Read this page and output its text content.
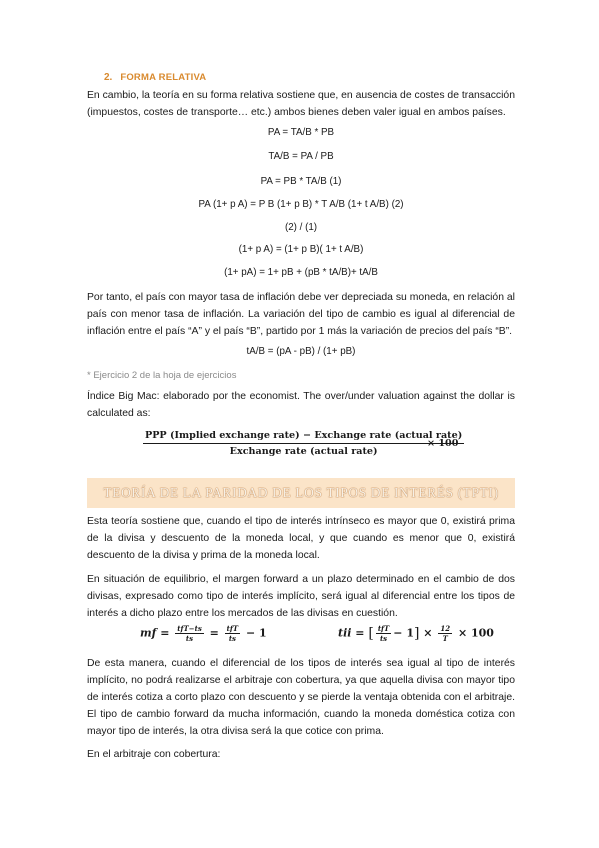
2. FORMA RELATIVA
En cambio, la teoría en su forma relativa sostiene que, en ausencia de costes de transacción (impuestos, costes de transporte… etc.) ambos bienes deben valer igual en ambos países.
PA = TA/B * PB
TA/B = PA / PB
PA = PB * TA/B (1)
PA (1+ p A) = P B (1+ p B) * T A/B (1+ t A/B) (2)
(2) / (1)
(1+ p A) = (1+ p B)( 1+ t A/B)
(1+ pA) = 1+ pB + (pB * tA/B)+ tA/B
Por tanto, el país con mayor tasa de inflación debe ver depreciada su moneda, en relación al país con menor tasa de inflación. La variación del tipo de cambio es igual al diferencial de inflación entre el país “A” y el país “B”, partido por 1 más la variación de precios del país “B”.
tA/B = (pA - pB) / (1+ pB)
* Ejercicio 2 de la hoja de ejercicios
Índice Big Mac: elaborado por the economist. The over/under valuation against the dollar is calculated as:
PPP (Implied exchange rate) − Exchange rate (actual rate)
Exchange rate (actual rate)
× 100
TEORÍA DE LA PARIDAD DE LOS TIPOS DE INTERÉS (TPTI)
Esta teoría sostiene que, cuando el tipo de interés intrínseco es mayor que 0, existirá prima de la divisa y descuento de la moneda local, y que cuando es menor que 0, existirá descuento de la divisa y prima de la moneda local.
En situación de equilibrio, el margen forward a un plazo determinado en el cambio de dos divisas, expresado como tipo de interés implícito, será igual al diferencial entre los tipos de interés a dicho plazo entre los mercados de las divisas en cuestión.
mf = tfT−ts
ts	= tfT
ts − 1	tii = [ tfT
ts − $1] \times \frac{12}{T} \times 100$
De esta manera, cuando el diferencial de los tipos de interés sea igual al tipo de interés implícito, no podrá realizarse el arbitraje con cobertura, ya que aquella divisa con mayor tipo de interés cotiza a corto plazo con descuento y se pierde la ventaja obtenida con el arbitraje. El tipo de cambio forward da mucha información, cuando la moneda doméstica cotiza con mayor tipo de interés, la otra divisa será la que cotice con prima.
En el arbitraje con cobertura:
